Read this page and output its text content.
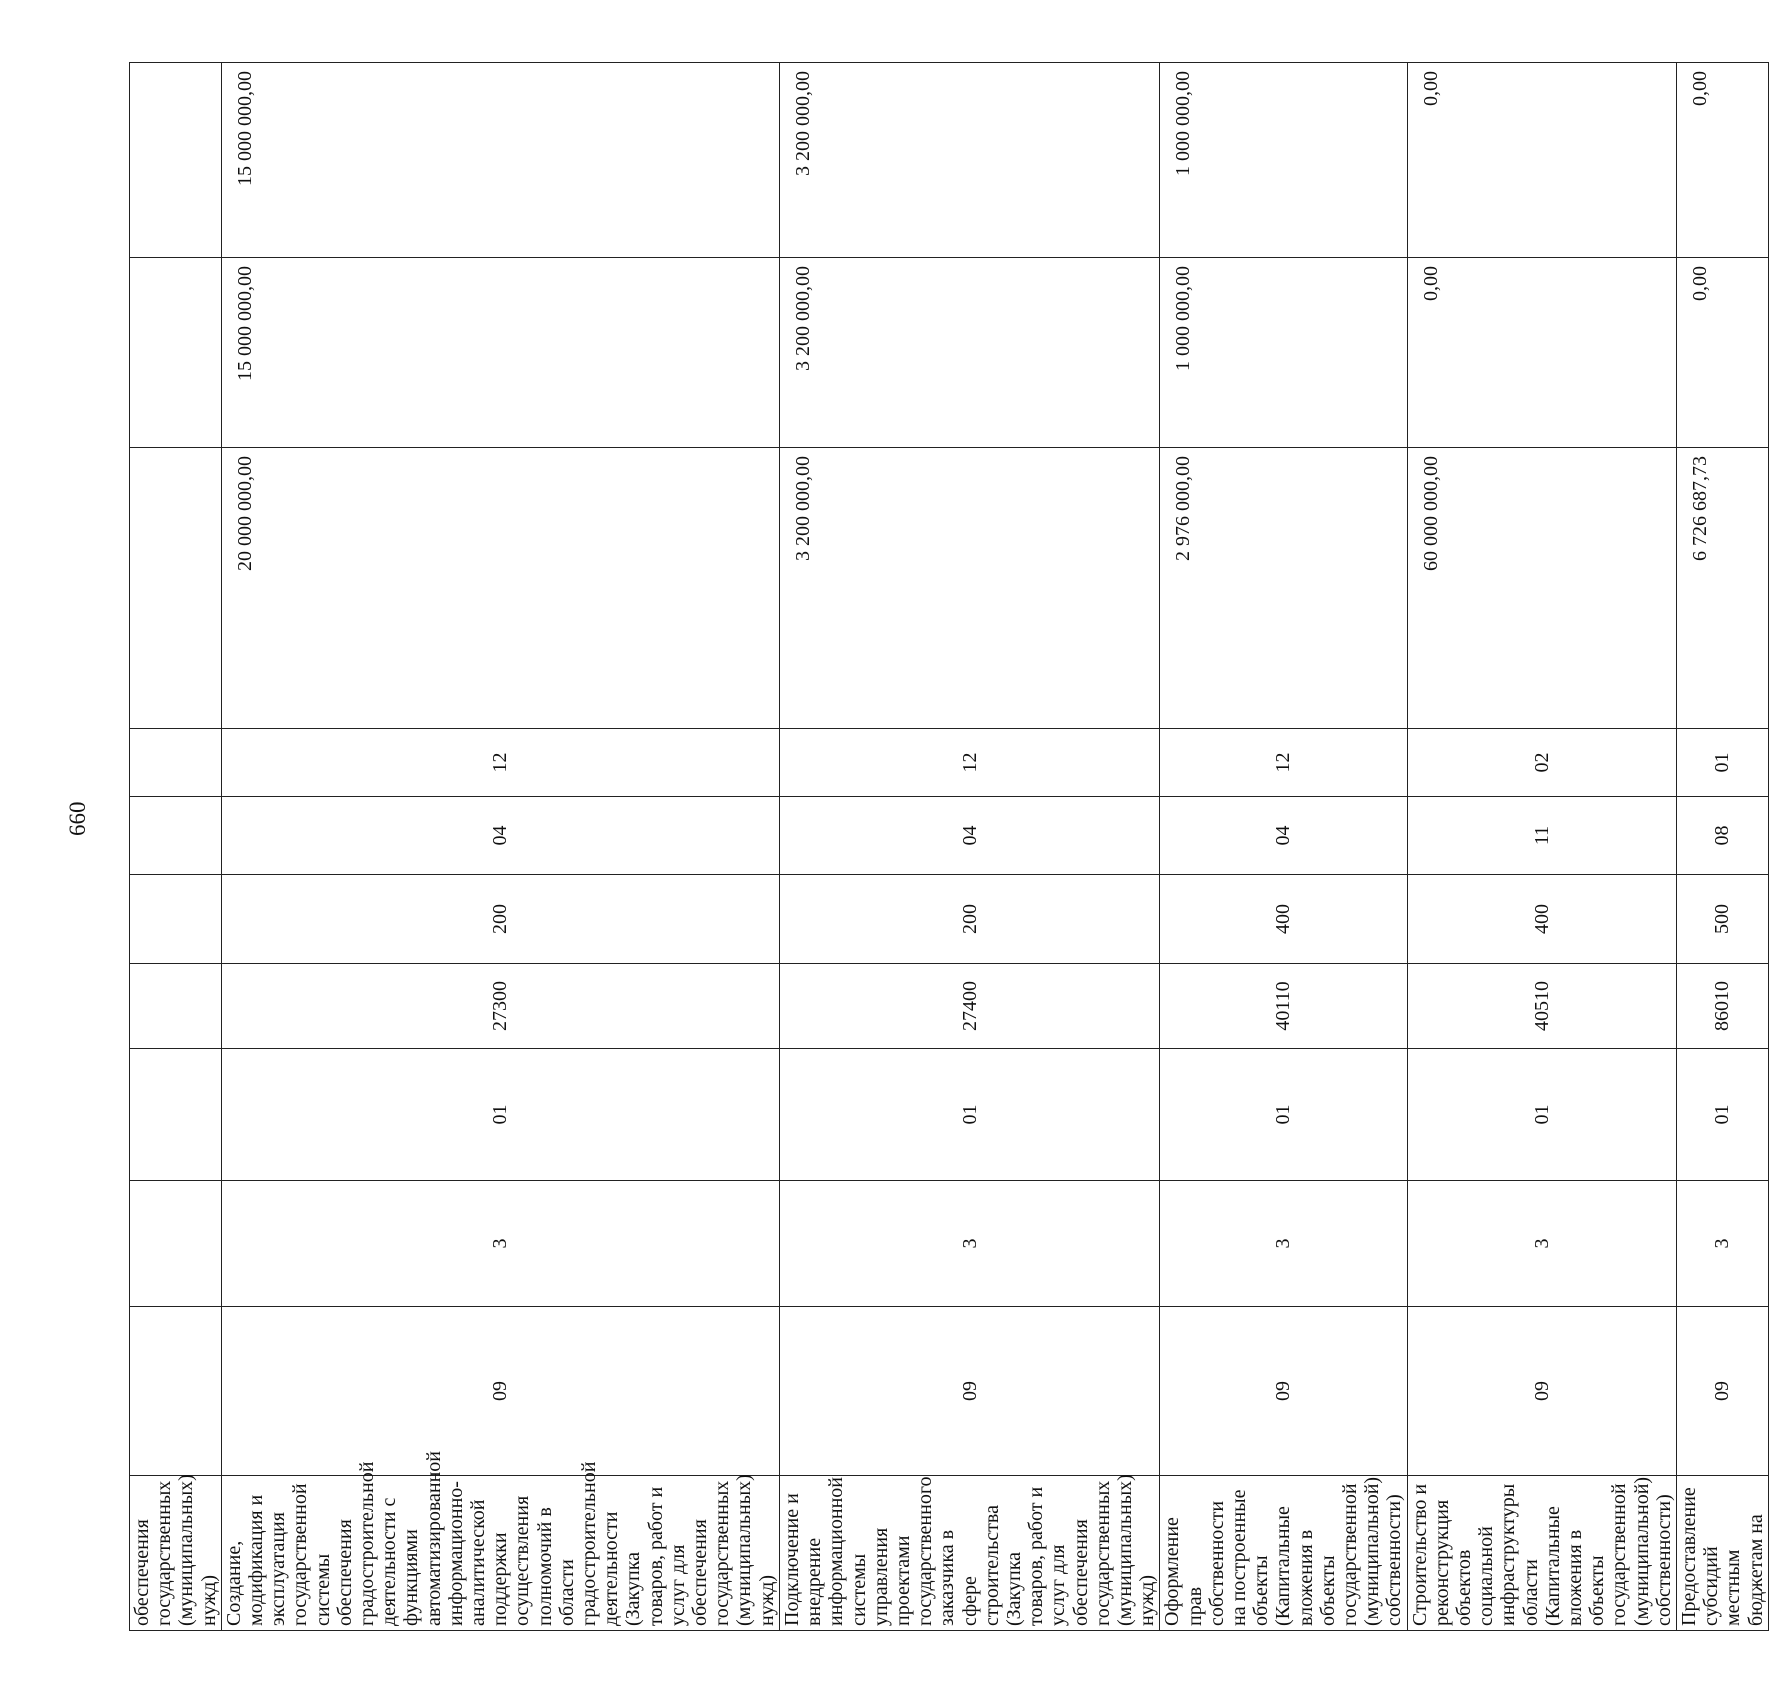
660
обеспечения государственных (муниципальных) нужд)										
Создание, модификация и эксплуатация государственной системы обеспечения градостроительной деятельности с функциями автоматизированной информационно-аналитической поддержки осуществления полномочий в области градостроительной деятельности (Закупка товаров, работ и услуг для обеспечения государственных (муниципальных) нужд)	09	3	01	27300	200	04	12	20 000 000,00	15 000 000,00	15 000 000,00
Подключение и внедрение информационной системы управления проектами государственного заказчика в сфере строительства (Закупка товаров, работ и услуг для обеспечения государственных (муниципальных) нужд)	09	3	01	27400	200	04	12	3 200 000,00	3 200 000,00	3 200 000,00
Оформление прав собственности на построенные объекты (Капитальные вложения в объекты государственной (муниципальной) собственности)	09	3	01	40110	400	04	12	2 976 000,00	1 000 000,00	1 000 000,00
Строительство и реконструкция объектов социальной инфраструктуры области (Капитальные вложения в объекты государственной (муниципальной) собственности)	09	3	01	40510	400	11	02	60 000 000,00	0,00	0,00
Предоставление субсидий местным бюджетам на	09	3	01	86010	500	08	01	6 726 687,73	0,00	0,00
